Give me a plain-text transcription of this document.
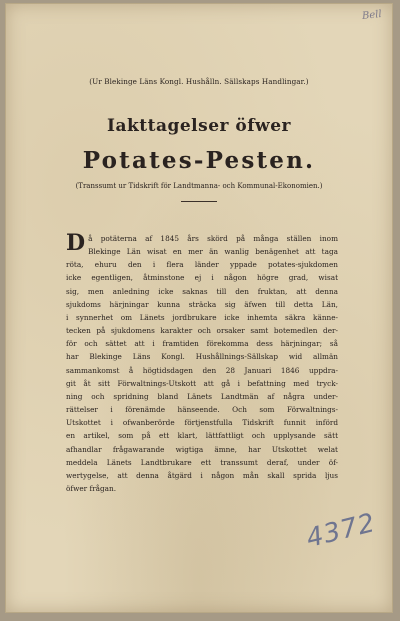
Bell
(Ur Blekinge Läns Kongl. Hushålln. Sällskaps Handlingar.)
Iakttagelser öfwer
Potates-Pesten.
(Transsumt ur Tidskrift för Landtmanna- och Kommunal-Ekonomien.)
D å potäterna af 1845 års skörd på många ställen inom
Blekinge Län wisat en mer än wanlig benägenhet att taga
röta, ehuru den i flera länder yppade potates-sjukdomen
icke egentligen, åtminstone ej i någon högre grad, wisat
sig, men anledning icke saknas till den fruktan, att denna
sjukdoms härjningar kunna sträcka sig äfwen till detta Län,
i synnerhet om Länets jordbrukare icke inhemta säkra känne-
tecken på sjukdomens karakter och orsaker samt botemedlen der-
för och sättet att i framtiden förekomma dess härjningar; så
har Blekinge Läns Kongl. Hushållnings-Sällskap wid allmän
sammankomst å högtidsdagen den 28 Januari 1846 uppdra-
git åt sitt Förwaltnings-Utskott att gå i befattning med tryck-
ning och spridning bland Länets Landtmän af några under-
rättelser i förenämde hänseende. Och som Förwaltnings-
Utskottet i ofwanberörde förtjenstfulla Tidskrift funnit införd
en artikel, som på ett klart, lättfattligt och upplysande sätt
afhandlar frågawarande wigtiga ämne, har Utskottet welat
meddela Länets Landtbrukare ett transsumt deraf, under öf-
wertygelse, att denna åtgärd i någon mån skall sprida ljus
öfwer frågan.
4372
